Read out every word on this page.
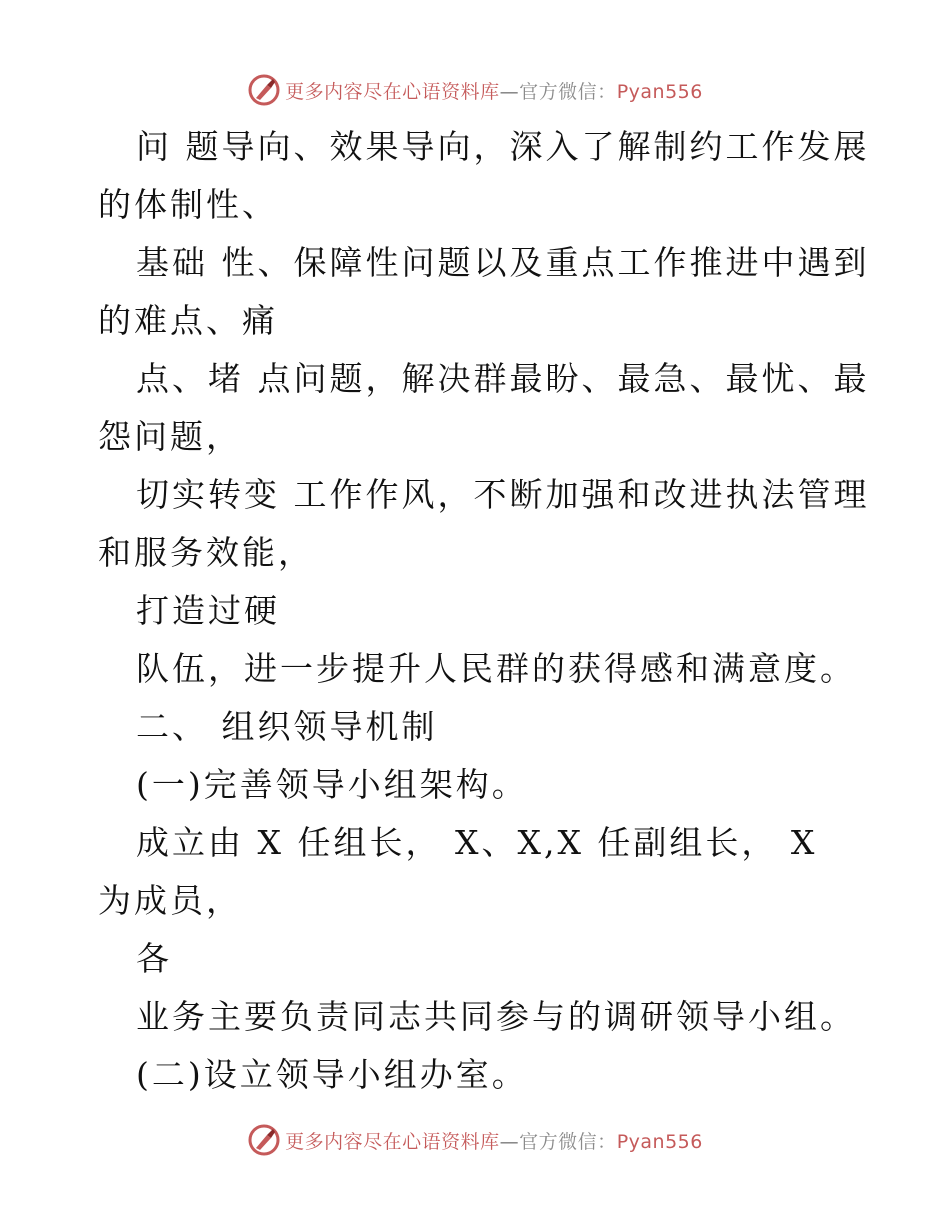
更多内容尽在心语资料库—官方微信：Pyan556
问 题导向、效果导向，深入了解制约工作发展
的体制性、
基础 性、保障性问题以及重点工作推进中遇到
的难点、痛
点、堵 点问题，解决群最盼、最急、最忧、最
怨问题，
切实转变 工作作风，不断加强和改进执法管理
和服务效能，
打造过硬
队伍，进一步提升人民群的获得感和满意度。
二、 组织领导机制
(一)完善领导小组架构。
成立由 X 任组长， X、X,X 任副组长， X
为成员，
各
业务主要负责同志共同参与的调研领导小组。
(二)设立领导小组办室。
更多内容尽在心语资料库—官方微信：Pyan556
